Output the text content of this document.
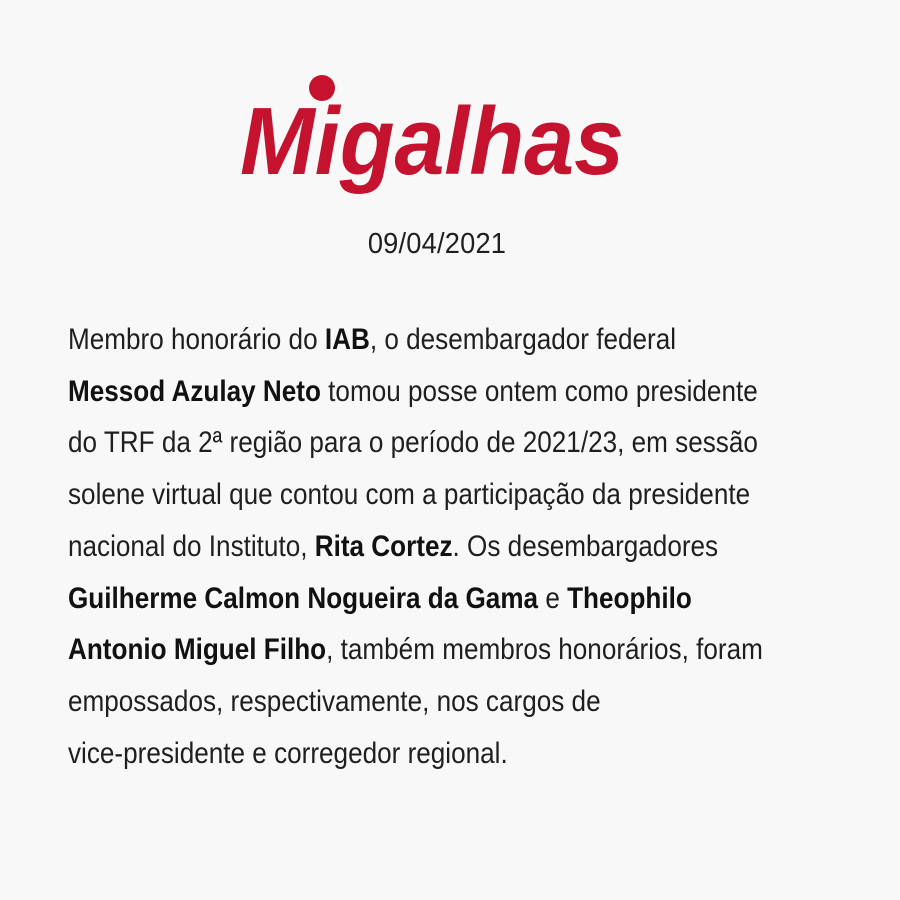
Migalhas
09/04/2021
Membro honorário do IAB, o desembargador federal
Messod Azulay Neto tomou posse ontem como presidente
do TRF da 2ª região para o período de 2021/23, em sessão
solene virtual que contou com a participação da presidente
nacional do Instituto, Rita Cortez. Os desembargadores
Guilherme Calmon Nogueira da Gama e Theophilo
Antonio Miguel Filho, também membros honorários, foram
empossados, respectivamente, nos cargos de
vice-presidente e corregedor regional.
